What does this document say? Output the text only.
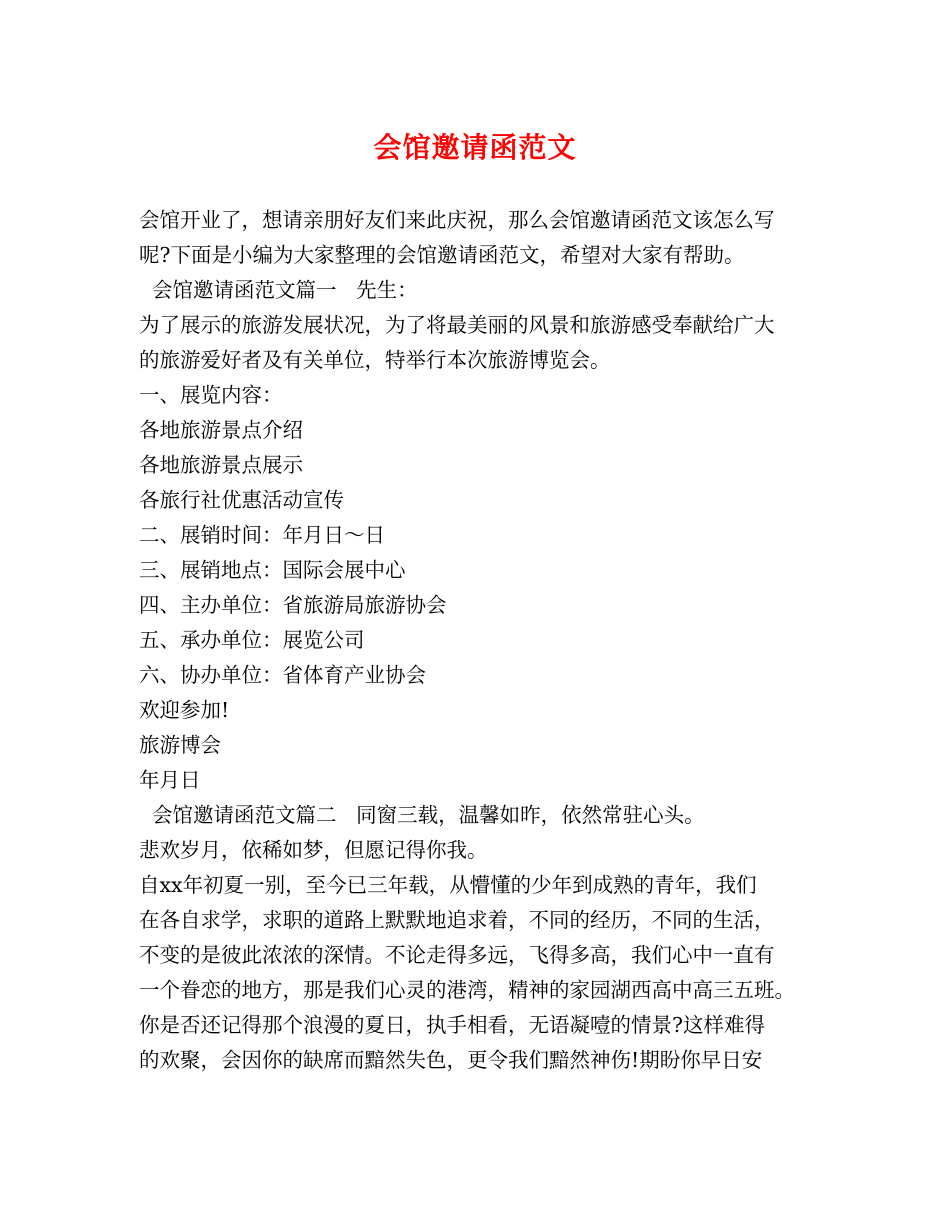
会馆邀请函范文
会馆开业了，想请亲朋好友们来此庆祝，那么会馆邀请函范文该怎么写
呢?下面是小编为大家整理的会馆邀请函范文，希望对大家有帮助。
会馆邀请函范文篇一   先生：
为了展示的旅游发展状况，为了将最美丽的风景和旅游感受奉献给广大
的旅游爱好者及有关单位，特举行本次旅游博览会。
一、展览内容：
各地旅游景点介绍
各地旅游景点展示
各旅行社优惠活动宣传
二、展销时间：年月日～日
三、展销地点：国际会展中心
四、主办单位：省旅游局旅游协会
五、承办单位：展览公司
六、协办单位：省体育产业协会
欢迎参加!
旅游博会
年月日
会馆邀请函范文篇二   同窗三载，温馨如昨，依然常驻心头。
悲欢岁月，依稀如梦，但愿记得你我。
自xx年初夏一别，至今已三年载，从懵懂的少年到成熟的青年，我们
在各自求学，求职的道路上默默地追求着，不同的经历，不同的生活，
不变的是彼此浓浓的深情。不论走得多远，飞得多高，我们心中一直有
一个眷恋的地方，那是我们心灵的港湾，精神的家园湖西高中高三五班。
你是否还记得那个浪漫的夏日，执手相看，无语凝噎的情景?这样难得
的欢聚，会因你的缺席而黯然失色，更令我们黯然神伤!期盼你早日安
